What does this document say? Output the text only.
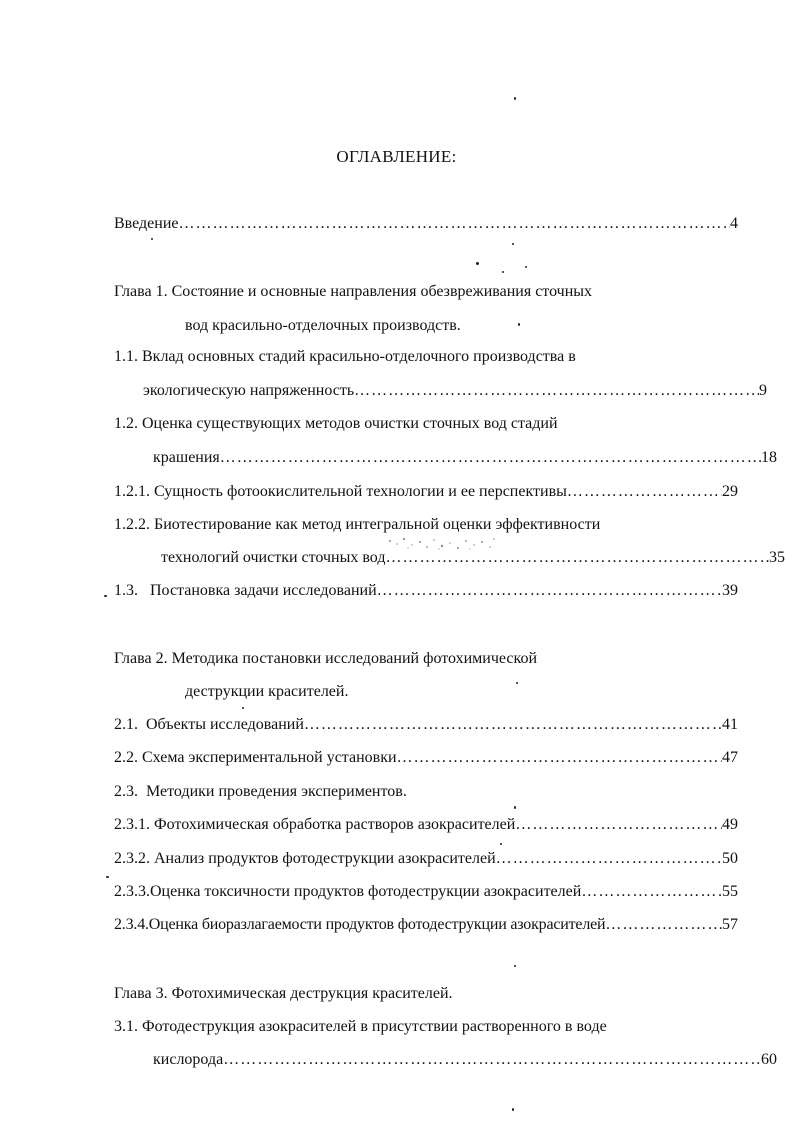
ОГЛАВЛЕНИЕ:
Введение ……………………………………………………………………………………………………………………………………………………………………	4
Глава 1. Состояние и основные направления обезвреживания сточных
вод красильно-отделочных производств.
1.1. Вклад основных стадий красильно-отделочного производства в
экологическую напряженность ……………………………………………………………………………………………………………………………………………………………………	9
1.2. Оценка существующих методов очистки сточных вод стадий
крашения ……………………………………………………………………………………………………………………………………………………………………	18
1.2.1. Сущность фотоокислительной технологии и ее перспективы ……………………………………………………………………………………………………………………………………………………………………	29
1.2.2. Биотестирование как метод интегральной оценки эффективности
технологий очистки сточных вод ……………………………………………………………………………………………………………………………………………………………………	35
1.3.   Постановка задачи исследований ……………………………………………………………………………………………………………………………………………………………………	39
Глава 2. Методика постановки исследований фотохимической
деструкции красителей.
2.1.  Объекты исследований ……………………………………………………………………………………………………………………………………………………………………	41
2.2. Схема экспериментальной установки ……………………………………………………………………………………………………………………………………………………………………	47
2.3.  Методики проведения экспериментов.
2.3.1. Фотохимическая обработка растворов азокрасителей ……………………………………………………………………………………………………………………………………………………………………	49
2.3.2. Анализ продуктов фотодеструкции азокрасителей ……………………………………………………………………………………………………………………………………………………………………	50
2.3.3.Оценка токсичности продуктов фотодеструкции азокрасителей ……………………………………………………………………………………………………………………………………………………………………	55
2.3.4.Оценка биоразлагаемости продуктов фотодеструкции азокрасителей ……………………………………………………………………………………………………………………………………………………………………	57
Глава 3. Фотохимическая деструкция красителей.
3.1. Фотодеструкция азокрасителей в присутствии растворенного в воде
кислорода ……………………………………………………………………………………………………………………………………………………………………	60
